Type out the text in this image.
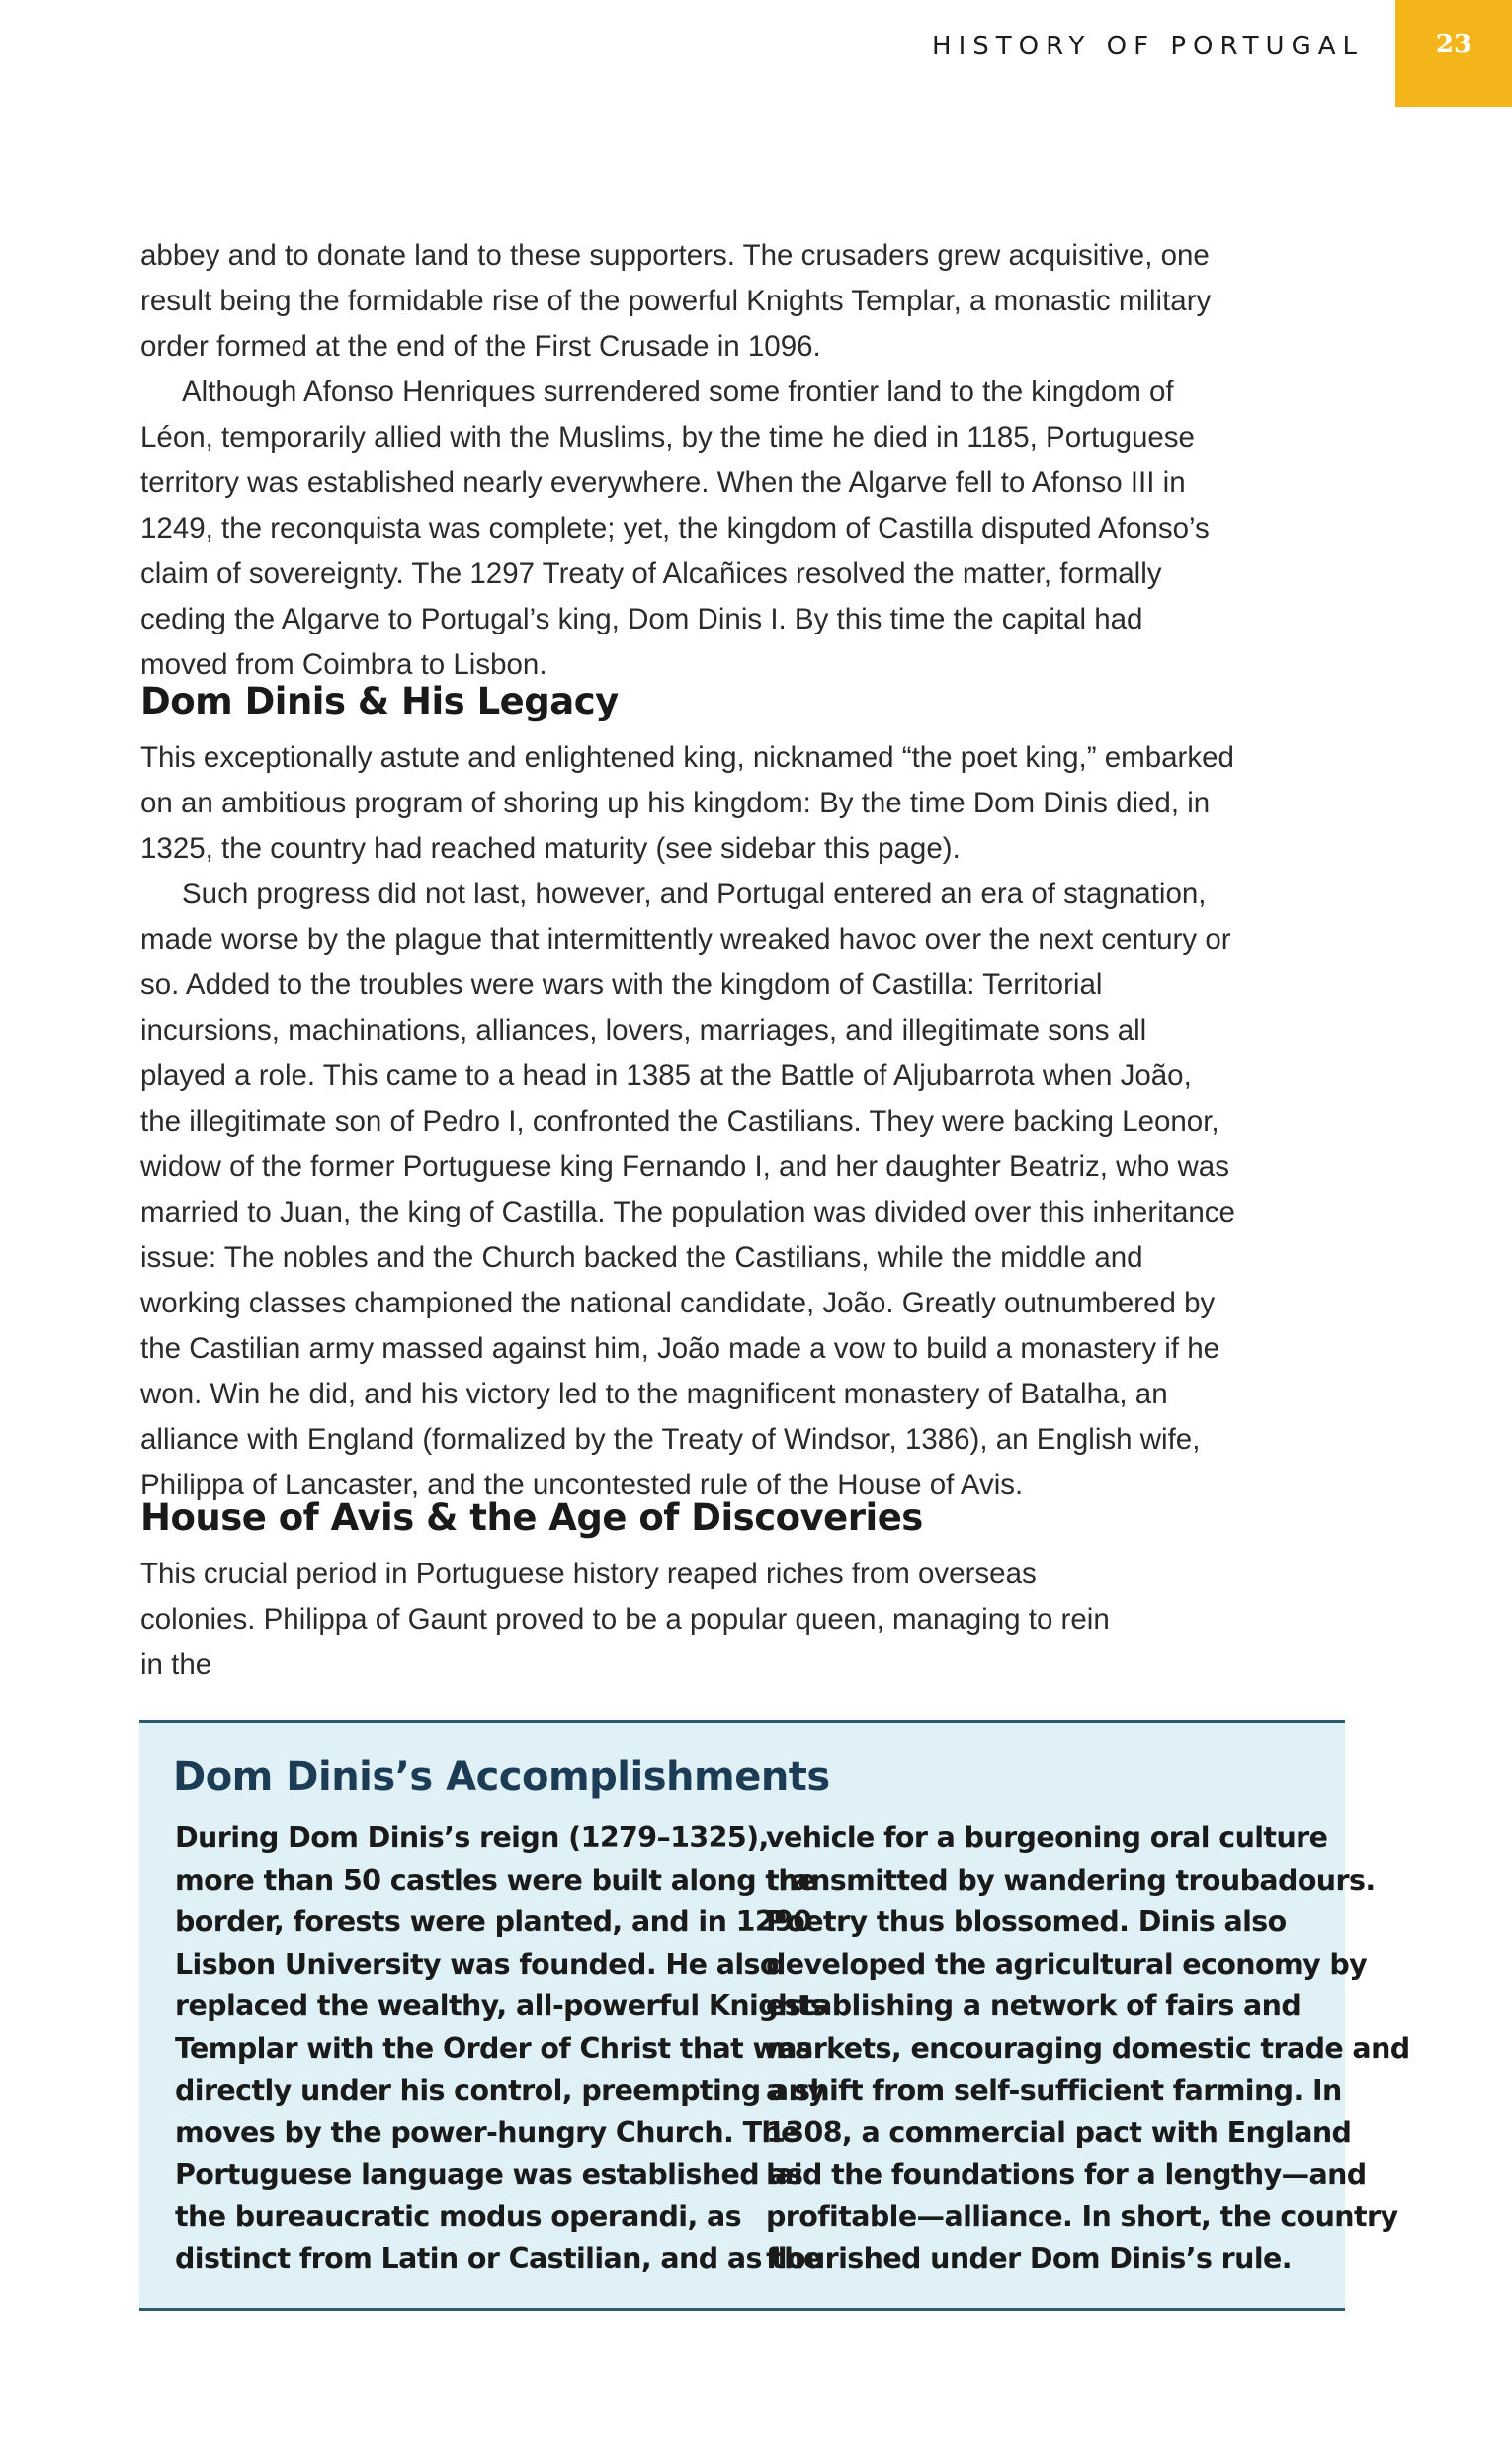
HISTORY OF PORTUGAL	23

abbey and to donate land to these supporters. The crusaders grew acquisitive, one result being the formidable rise of the powerful Knights Templar, a monastic military order formed at the end of the First Crusade in 1096.

Although Afonso Henriques surrendered some frontier land to the kingdom of Léon, temporarily allied with the Muslims, by the time he died in 1185, Portuguese territory was established nearly everywhere. When the Algarve fell to Afonso III in 1249, the reconquista was complete; yet, the kingdom of Castilla disputed Afonso’s claim of sovereignty. The 1297 Treaty of Alcañices resolved the matter, formally ceding the Algarve to Portugal’s king, Dom Dinis I. By this time the capital had moved from Coimbra to Lisbon.

Dom Dinis & His Legacy

This exceptionally astute and enlightened king, nicknamed “the poet king,” embarked on an ambitious program of shoring up his kingdom: By the time Dom Dinis died, in 1325, the country had reached maturity (see sidebar this page).

Such progress did not last, however, and Portugal entered an era of stagnation, made worse by the plague that intermittently wreaked havoc over the next century or so. Added to the troubles were wars with the kingdom of Castilla: Territorial incursions, machinations, alliances, lovers, marriages, and illegitimate sons all played a role. This came to a head in 1385 at the Battle of Aljubarrota when João, the illegitimate son of Pedro I, confronted the Castilians. They were backing Leonor, widow of the former Portuguese king Fernando I, and her daughter Beatriz, who was married to Juan, the king of Castilla. The population was divided over this inheritance issue: The nobles and the Church backed the Castilians, while the middle and working classes championed the national candidate, João. Greatly outnumbered by the Castilian army massed against him, João made a vow to build a monastery if he won. Win he did, and his victory led to the magnificent monastery of Batalha, an alliance with England (formalized by the Treaty of Windsor, 1386), an English wife, Philippa of Lancaster, and the uncontested rule of the House of Avis.

House of Avis & the Age of Discoveries

This crucial period in Portuguese history reaped riches from overseas colonies. Philippa of Gaunt proved to be a popular queen, managing to rein in the

Dom Dinis’s Accomplishments
During Dom Dinis’s reign (1279–1325),
more than 50 castles were built along the
border, forests were planted, and in 1290
Lisbon University was founded. He also
replaced the wealthy, all-powerful Knights
Templar with the Order of Christ that was
directly under his control, preempting any
moves by the power-hungry Church. The
Portuguese language was established as
the bureaucratic modus operandi, as
distinct from Latin or Castilian, and as the
vehicle for a burgeoning oral culture
transmitted by wandering troubadours.
Poetry thus blossomed. Dinis also
developed the agricultural economy by
establishing a network of fairs and
markets, encouraging domestic trade and
a shift from self-sufficient farming. In
1308, a commercial pact with England
laid the foundations for a lengthy—and
profitable—alliance. In short, the country
flourished under Dom Dinis’s rule.
